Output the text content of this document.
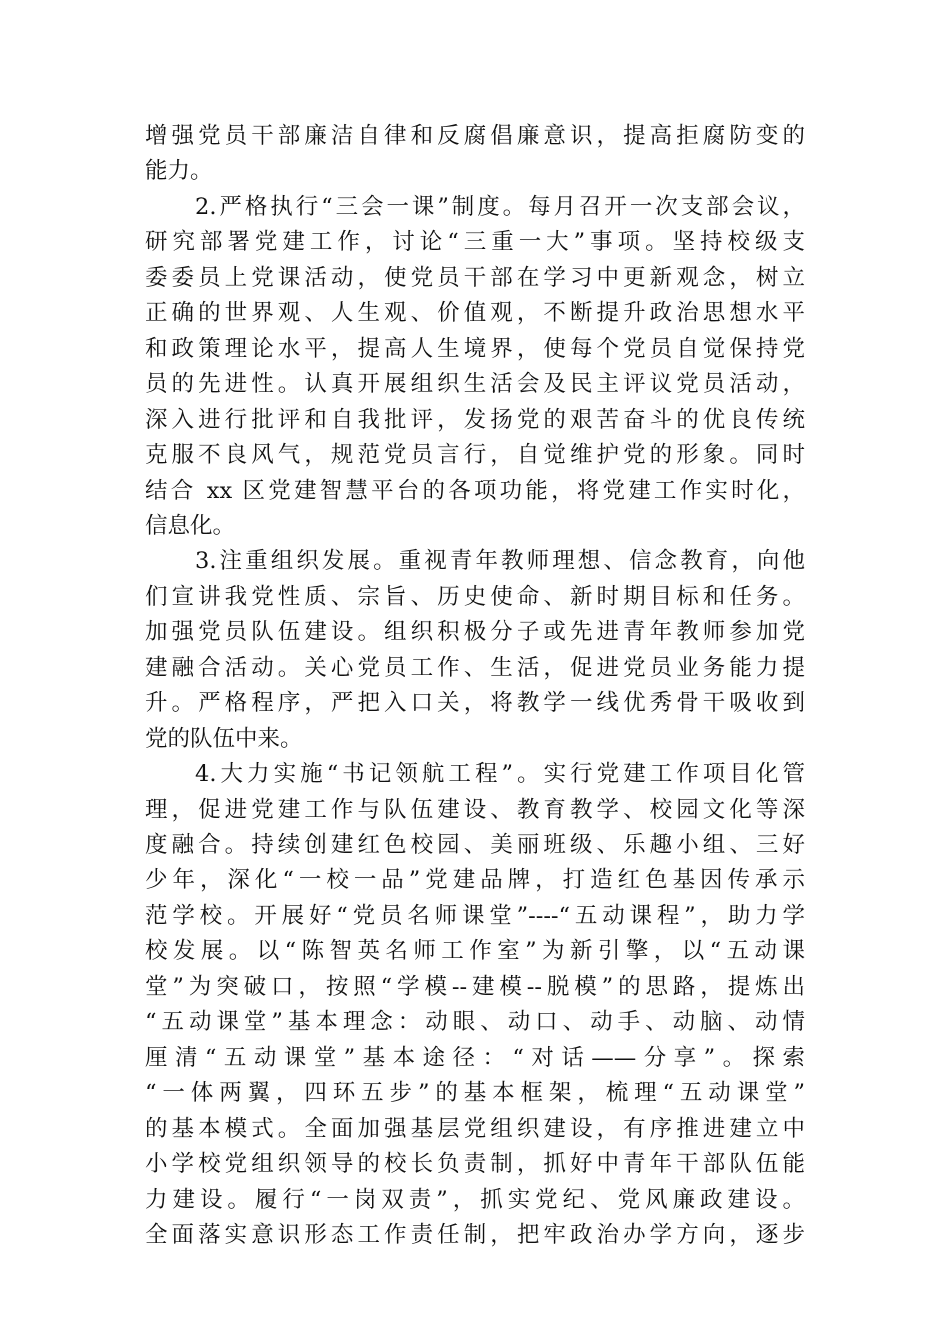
增强党员干部廉洁自律和反腐倡廉意识，提高拒腐防变的
能力。
2.严格执行“三会一课”制度。每月召开一次支部会议，
研究部署党建工作，讨论“三重一大”事项。坚持校级支
委委员上党课活动，使党员干部在学习中更新观念，树立
正确的世界观、人生观、价值观，不断提升政治思想水平
和政策理论水平，提高人生境界，使每个党员自觉保持党
员的先进性。认真开展组织生活会及民主评议党员活动，
深入进行批评和自我批评，发扬党的艰苦奋斗的优良传统
克服不良风气，规范党员言行，自觉维护党的形象。同时
结合 xx 区党建智慧平台的各项功能，将党建工作实时化，
信息化。
3.注重组织发展。重视青年教师理想、信念教育，向他
们宣讲我党性质、宗旨、历史使命、新时期目标和任务。
加强党员队伍建设。组织积极分子或先进青年教师参加党
建融合活动。关心党员工作、生活，促进党员业务能力提
升。严格程序，严把入口关，将教学一线优秀骨干吸收到
党的队伍中来。
4.大力实施“书记领航工程”。实行党建工作项目化管
理，促进党建工作与队伍建设、教育教学、校园文化等深
度融合。持续创建红色校园、美丽班级、乐趣小组、三好
少年，深化“一校一品”党建品牌，打造红色基因传承示
范学校。开展好“党员名师课堂”----“五动课程”，助力学
校发展。以“陈智英名师工作室”为新引擎，以“五动课
堂”为突破口，按照“学模--建模--脱模”的思路，提炼出
“五动课堂”基本理念：动眼、动口、动手、动脑、动情
厘清“五动课堂”基本途径：“对话——分享”。探索
“一体两翼，四环五步”的基本框架，梳理“五动课堂”
的基本模式。全面加强基层党组织建设，有序推进建立中
小学校党组织领导的校长负责制，抓好中青年干部队伍能
力建设。履行“一岗双责”，抓实党纪、党风廉政建设。
全面落实意识形态工作责任制，把牢政治办学方向，逐步
